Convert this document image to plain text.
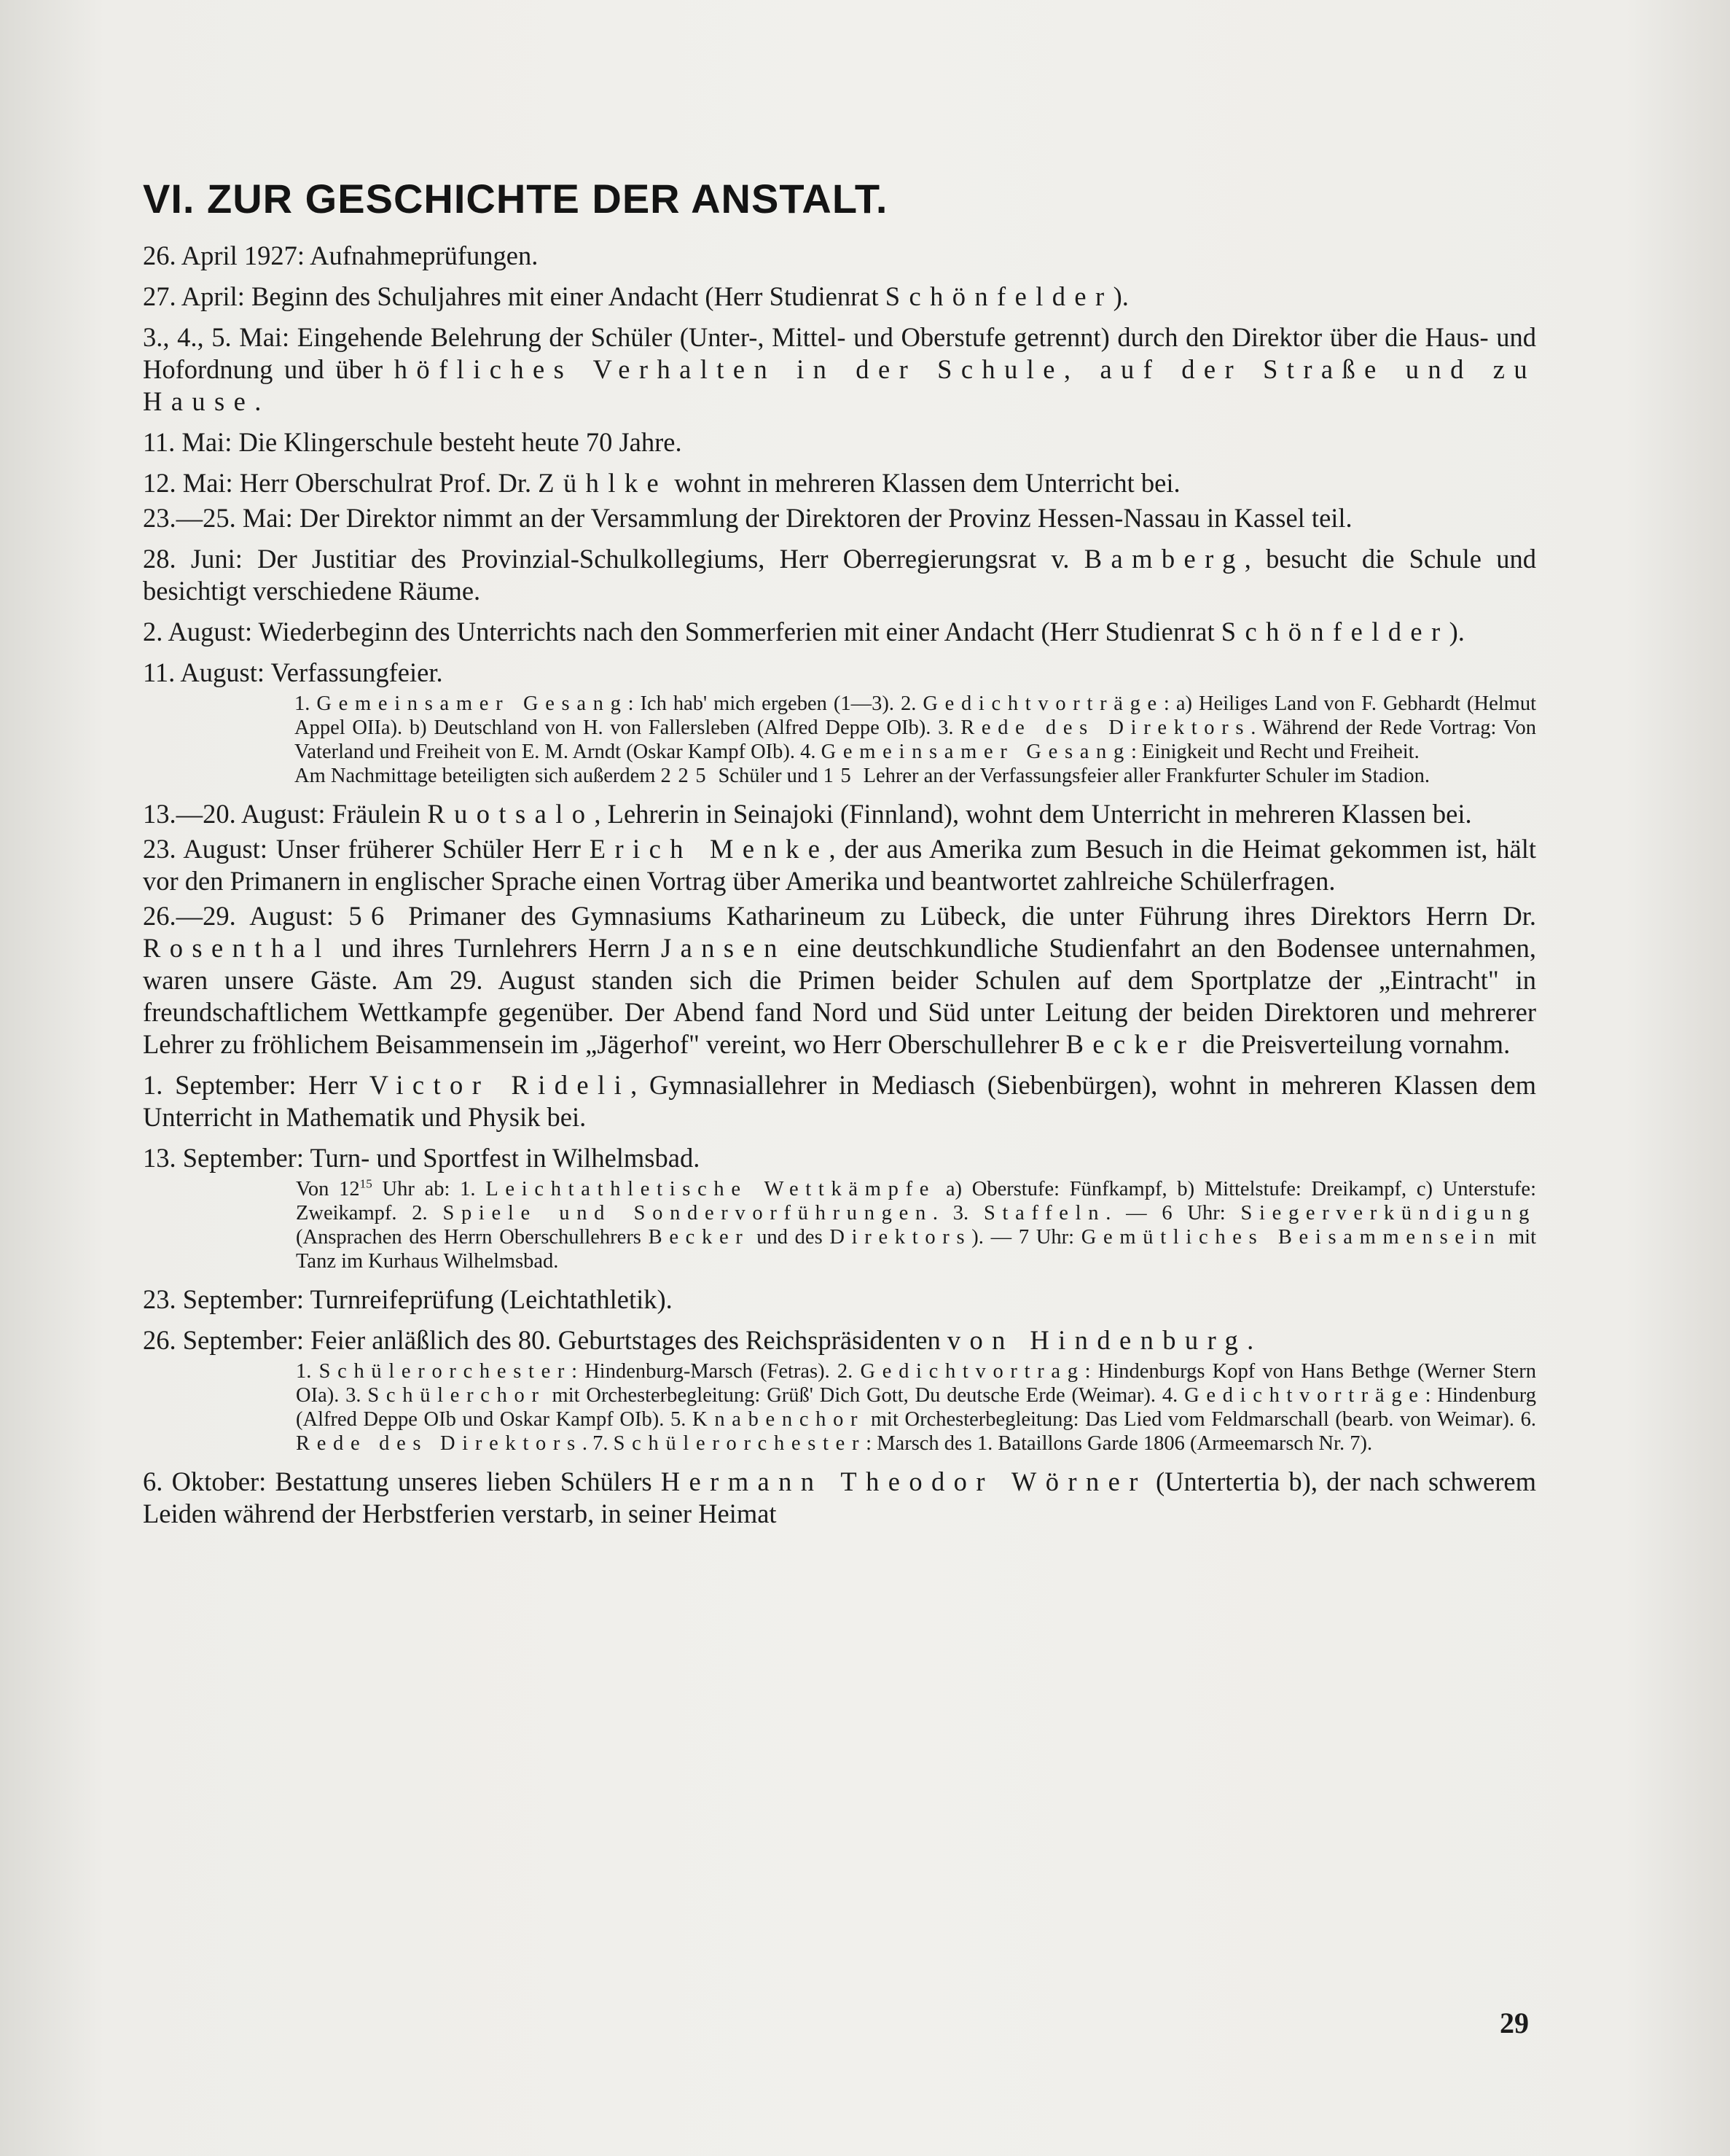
VI. ZUR GESCHICHTE DER ANSTALT.

26. April 1927: Aufnahmeprüfungen.

27. April: Beginn des Schuljahres mit einer Andacht (Herr Studienrat Schönfelder).

3., 4., 5. Mai: Eingehende Belehrung der Schüler (Unter-, Mittel- und Oberstufe getrennt) durch den Direktor über die Haus- und Hofordnung und über höfliches Verhalten in der Schule, auf der Straße und zu Hause.

11. Mai: Die Klingerschule besteht heute 70 Jahre.

12. Mai: Herr Oberschulrat Prof. Dr. Zühlke wohnt in mehreren Klassen dem Unterricht bei.

23.—25. Mai: Der Direktor nimmt an der Versammlung der Direktoren der Provinz Hessen-Nassau in Kassel teil.

28. Juni: Der Justitiar des Provinzial-Schulkollegiums, Herr Oberregierungsrat v. Bamberg, besucht die Schule und besichtigt verschiedene Räume.

2. August: Wiederbeginn des Unterrichts nach den Sommerferien mit einer Andacht (Herr Studienrat Schönfelder).

11. August: Verfassungfeier.

1. Gemeinsamer Gesang: Ich hab' mich ergeben (1—3). 2. Gedichtvorträge: a) Heiliges Land von F. Gebhardt (Helmut Appel OIIa). b) Deutschland von H. von Fallersleben (Alfred Deppe OIb). 3. Rede des Direktors. Während der Rede Vortrag: Von Vaterland und Freiheit von E. M. Arndt (Oskar Kampf OIb). 4. Gemeinsamer Gesang: Einigkeit und Recht und Freiheit.

Am Nachmittage beteiligten sich außerdem 225 Schüler und 15 Lehrer an der Verfassungsfeier aller Frankfurter Schuler im Stadion.

13.—20. August: Fräulein Ruotsalo, Lehrerin in Seinajoki (Finnland), wohnt dem Unterricht in mehreren Klassen bei.

23. August: Unser früherer Schüler Herr Erich Menke, der aus Amerika zum Besuch in die Heimat gekommen ist, hält vor den Primanern in englischer Sprache einen Vortrag über Amerika und beantwortet zahlreiche Schülerfragen.

26.—29. August: 56 Primaner des Gymnasiums Katharineum zu Lübeck, die unter Führung ihres Direktors Herrn Dr. Rosenthal und ihres Turnlehrers Herrn Jansen eine deutschkundliche Studienfahrt an den Bodensee unternahmen, waren unsere Gäste. Am 29. August standen sich die Primen beider Schulen auf dem Sportplatze der „Eintracht" in freundschaftlichem Wettkampfe gegenüber. Der Abend fand Nord und Süd unter Leitung der beiden Direktoren und mehrerer Lehrer zu fröhlichem Beisammensein im „Jägerhof" vereint, wo Herr Oberschullehrer Becker die Preisverteilung vornahm.

1. September: Herr Victor Rideli, Gymnasiallehrer in Mediasch (Siebenbürgen), wohnt in mehreren Klassen dem Unterricht in Mathematik und Physik bei.

13. September: Turn- und Sportfest in Wilhelmsbad.

Von $12^{15}$ Uhr ab: 1. Leichtathletische Wettkämpfe a) Oberstufe: Fünfkampf, b) Mittelstufe: Dreikampf, c) Unterstufe: Zweikampf. 2. Spiele und Sondervorführungen. 3. Staffeln. — 6 Uhr: Siegerverkündigung (Ansprachen des Herrn Oberschullehrers Becker und des Direktors). — 7 Uhr: Gemütliches Beisammensein mit Tanz im Kurhaus Wilhelmsbad.

23. September: Turnreifeprüfung (Leichtathletik).

26. September: Feier anläßlich des 80. Geburtstages des Reichspräsidenten von Hindenburg.

1. Schülerorchester: Hindenburg-Marsch (Fetras). 2. Gedichtvortrag: Hindenburgs Kopf von Hans Bethge (Werner Stern OIa). 3. Schülerchor mit Orchesterbegleitung: Grüß' Dich Gott, Du deutsche Erde (Weimar). 4. Gedichtvorträge: Hindenburg (Alfred Deppe OIb und Oskar Kampf OIb). 5. Knabenchor mit Orchesterbegleitung: Das Lied vom Feldmarschall (bearb. von Weimar). 6. Rede des Direktors. 7. Schülerorchester: Marsch des 1. Bataillons Garde 1806 (Armeemarsch Nr. 7).

6. Oktober: Bestattung unseres lieben Schülers Hermann Theodor Wörner (Untertertia b), der nach schwerem Leiden während der Herbstferien verstarb, in seiner Heimat

29
